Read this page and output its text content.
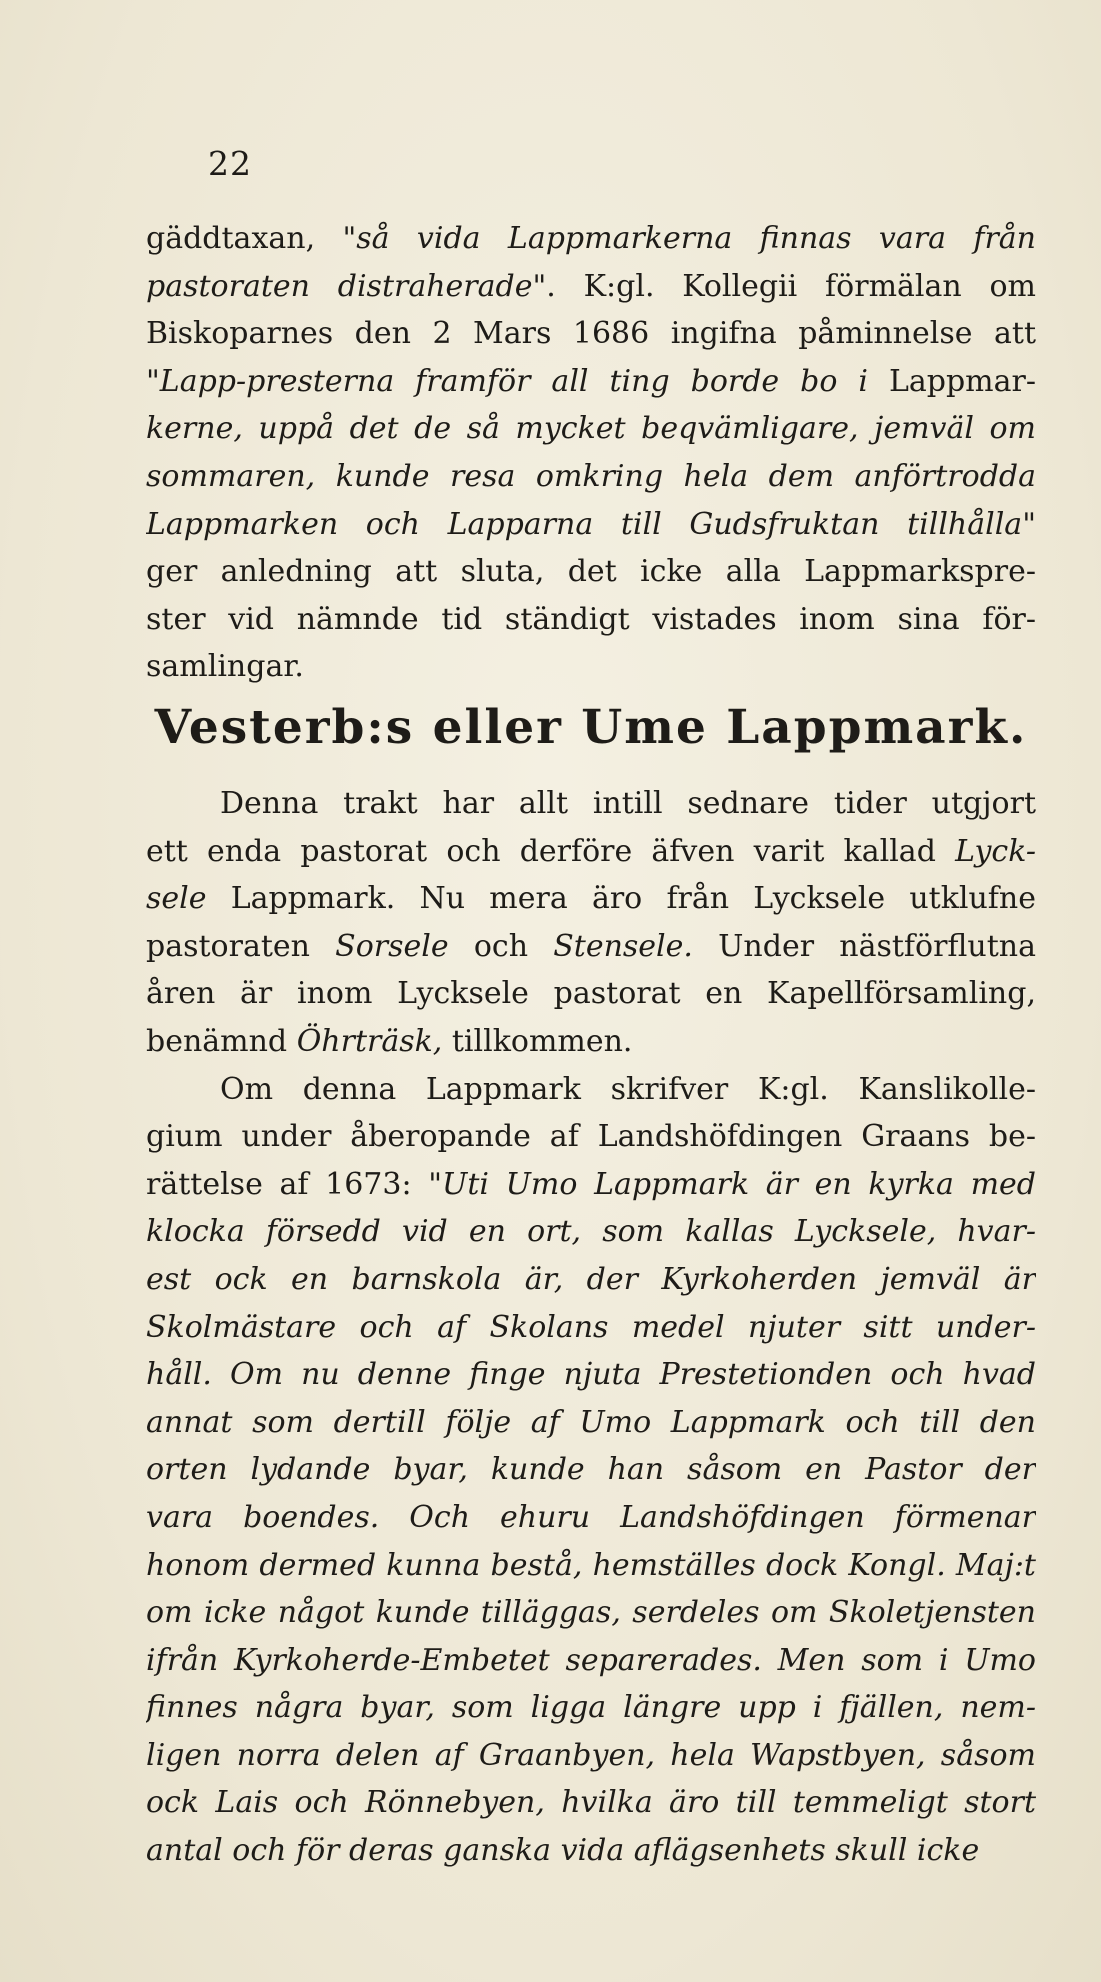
22
gäddtaxan, "så vida Lappmarkerna finnas vara från
pastoraten distraherade". K:gl. Kollegii förmälan om
Biskoparnes den 2 Mars 1686 ingifna påminnelse att
"Lapp-presterna framför all ting borde bo i Lappmar-
kerne, uppå det de så mycket beqvämligare, jemväl om
sommaren, kunde resa omkring hela dem anförtrodda
Lappmarken och Lapparna till Gudsfruktan tillhålla"
ger anledning att sluta, det icke alla Lappmarkspre-
ster vid nämnde tid ständigt vistades inom sina för-
samlingar.
Vesterb:s eller Ume Lappmark.
Denna trakt har allt intill sednare tider utgjort
ett enda pastorat och derföre äfven varit kallad Lyck-
sele Lappmark. Nu mera äro från Lycksele utklufne
pastoraten Sorsele och Stensele. Under nästförflutna
åren är inom Lycksele pastorat en Kapellförsamling,
benämnd Öhrträsk, tillkommen.
Om denna Lappmark skrifver K:gl. Kanslikolle-
gium under åberopande af Landshöfdingen Graans be-
rättelse af 1673: "Uti Umo Lappmark är en kyrka med
klocka försedd vid en ort, som kallas Lycksele, hvar-
est ock en barnskola är, der Kyrkoherden jemväl är
Skolmästare och af Skolans medel njuter sitt under-
håll. Om nu denne finge njuta Prestetionden och hvad
annat som dertill följe af Umo Lappmark och till den
orten lydande byar, kunde han såsom en Pastor der
vara boendes. Och ehuru Landshöfdingen förmenar
honom dermed kunna bestå, hemställes dock Kongl. Maj:t
om icke något kunde tilläggas, serdeles om Skoletjensten
ifrån Kyrkoherde-Embetet separerades. Men som i Umo
finnes några byar, som ligga längre upp i fjällen, nem-
ligen norra delen af Graanbyen, hela Wapstbyen, såsom
ock Lais och Rönnebyen, hvilka äro till temmeligt stort
antal och för deras ganska vida aflägsenhets skull icke
